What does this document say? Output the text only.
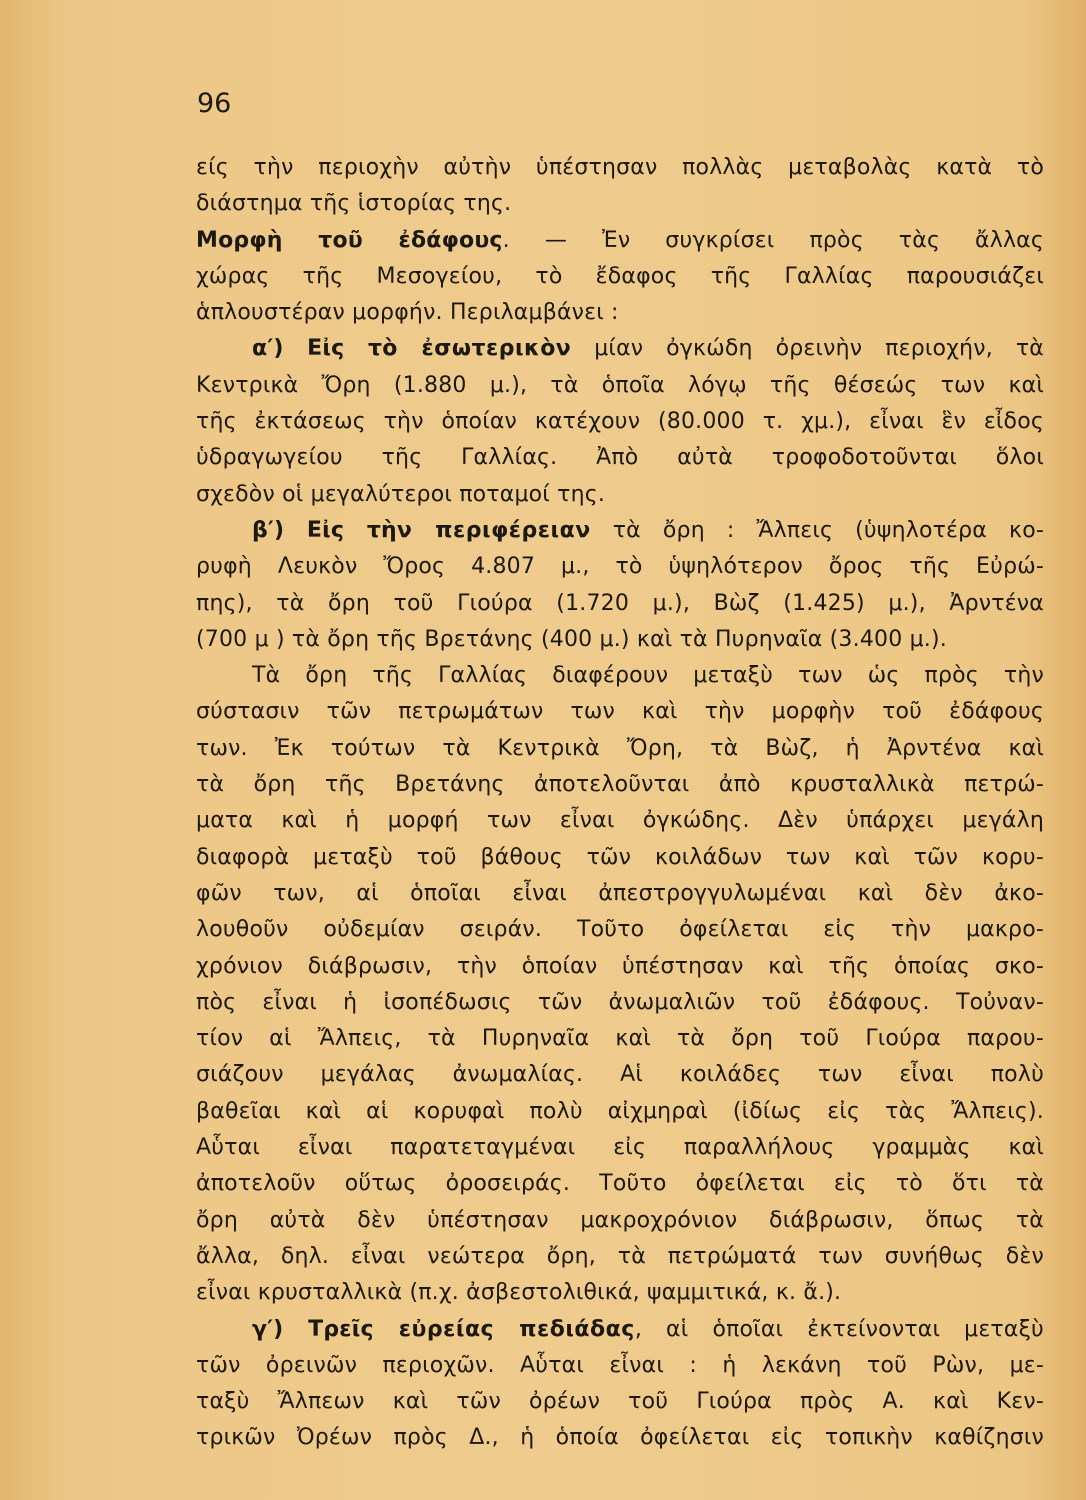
96
είς τὴν περιοχὴν αὐτὴν ὑπέστησαν πολλὰς μεταβολὰς κατὰ τὸ
διάστημα τῆς ἱστορίας της.
Μορφὴ τοῦ ἐδάφους. — Ἐν συγκρίσει πρὸς τὰς ἄλλας
χώρας τῆς Μεσογείου, τὸ ἔδαφος τῆς Γαλλίας παρουσιάζει
ἁπλουστέραν μορφήν. Περιλαμβάνει :
α′) Εἰς τὸ ἐσωτερικὸν μίαν ὀγκώδη ὀρεινὴν περιοχήν, τὰ
Κεντρικὰ Ὄρη (1.880 μ.), τὰ ὁποῖα λόγῳ τῆς θέσεώς των καὶ
τῆς ἐκτάσεως τὴν ὁποίαν κατέχουν (80.000 τ. χμ.), εἶναι ἓν εἶδος
ὑδραγωγείου τῆς Γαλλίας. Ἀπὸ αὐτὰ τροφοδοτοῦνται ὅλοι
σχεδὸν οἱ μεγαλύτεροι ποταμοί της.
β′) Εἰς τὴν περιφέρειαν τὰ ὄρη : Ἄλπεις (ὑψηλοτέρα κο-
ρυφὴ Λευκὸν Ὄρος 4.807 μ., τὸ ὑψηλότερον ὄρος τῆς Εὐρώ-
πης), τὰ ὄρη τοῦ Γιούρα (1.720 μ.), Βὼζ (1.425) μ.), Ἀρντένα
(700 μ ) τὰ ὄρη τῆς Βρετάνης (400 μ.) καὶ τὰ Πυρηναῖα (3.400 μ.).
Τὰ ὄρη τῆς Γαλλίας διαφέρουν μεταξὺ των ὡς πρὸς τὴν
σύστασιν τῶν πετρωμάτων των καὶ τὴν μορφὴν τοῦ ἐδάφους
των. Ἐκ τούτων τὰ Κεντρικὰ Ὄρη, τὰ Βὼζ, ἡ Ἀρντένα καὶ
τὰ ὄρη τῆς Βρετάνης ἀποτελοῦνται ἀπὸ κρυσταλλικὰ πετρώ-
ματα καὶ ἡ μορφή των εἶναι ὀγκώδης. Δὲν ὑπάρχει μεγάλη
διαφορὰ μεταξὺ τοῦ βάθους τῶν κοιλάδων των καὶ τῶν κορυ-
φῶν των, αἱ ὁποῖαι εἶναι ἀπεστρογγυλωμέναι καὶ δὲν ἀκο-
λουθοῦν οὐδεμίαν σειράν. Τοῦτο ὀφείλεται εἰς τὴν μακρο-
χρόνιον διάβρωσιν, τὴν ὁποίαν ὑπέστησαν καὶ τῆς ὁποίας σκο-
πὸς εἶναι ἡ ἰσοπέδωσις τῶν ἀνωμαλιῶν τοῦ ἐδάφους. Τοὐναν-
τίον αἱ Ἄλπεις, τὰ Πυρηναῖα καὶ τὰ ὄρη τοῦ Γιούρα παρου-
σιάζουν μεγάλας ἀνωμαλίας. Αἱ κοιλάδες των εἶναι πολὺ
βαθεῖαι καὶ αἱ κορυφαὶ πολὺ αἰχμηραὶ (ἰδίως εἰς τὰς Ἄλπεις).
Αὗται εἶναι παρατεταγμέναι εἰς παραλλήλους γραμμὰς καὶ
ἀποτελοῦν οὕτως ὀροσειράς. Τοῦτο ὀφείλεται εἰς τὸ ὅτι τὰ
ὄρη αὐτὰ δὲν ὑπέστησαν μακροχρόνιον διάβρωσιν, ὅπως τὰ
ἄλλα, δηλ. εἶναι νεώτερα ὄρη, τὰ πετρώματά των συνήθως δὲν
εἶναι κρυσταλλικὰ (π.χ. ἀσβεστολιθικά, ψαμμιτικά, κ. ἄ.).
γ′) Τρεῖς εὐρείας πεδιάδας, αἱ ὁποῖαι ἐκτείνονται μεταξὺ
τῶν ὀρεινῶν περιοχῶν. Αὗται εἶναι : ἡ λεκάνη τοῦ Ρὼν, με-
ταξὺ Ἄλπεων καὶ τῶν ὀρέων τοῦ Γιούρα πρὸς Α. καὶ Κεν-
τρικῶν Ὀρέων πρὸς Δ., ἡ ὁποία ὀφείλεται εἰς τοπικὴν καθίζησιν
